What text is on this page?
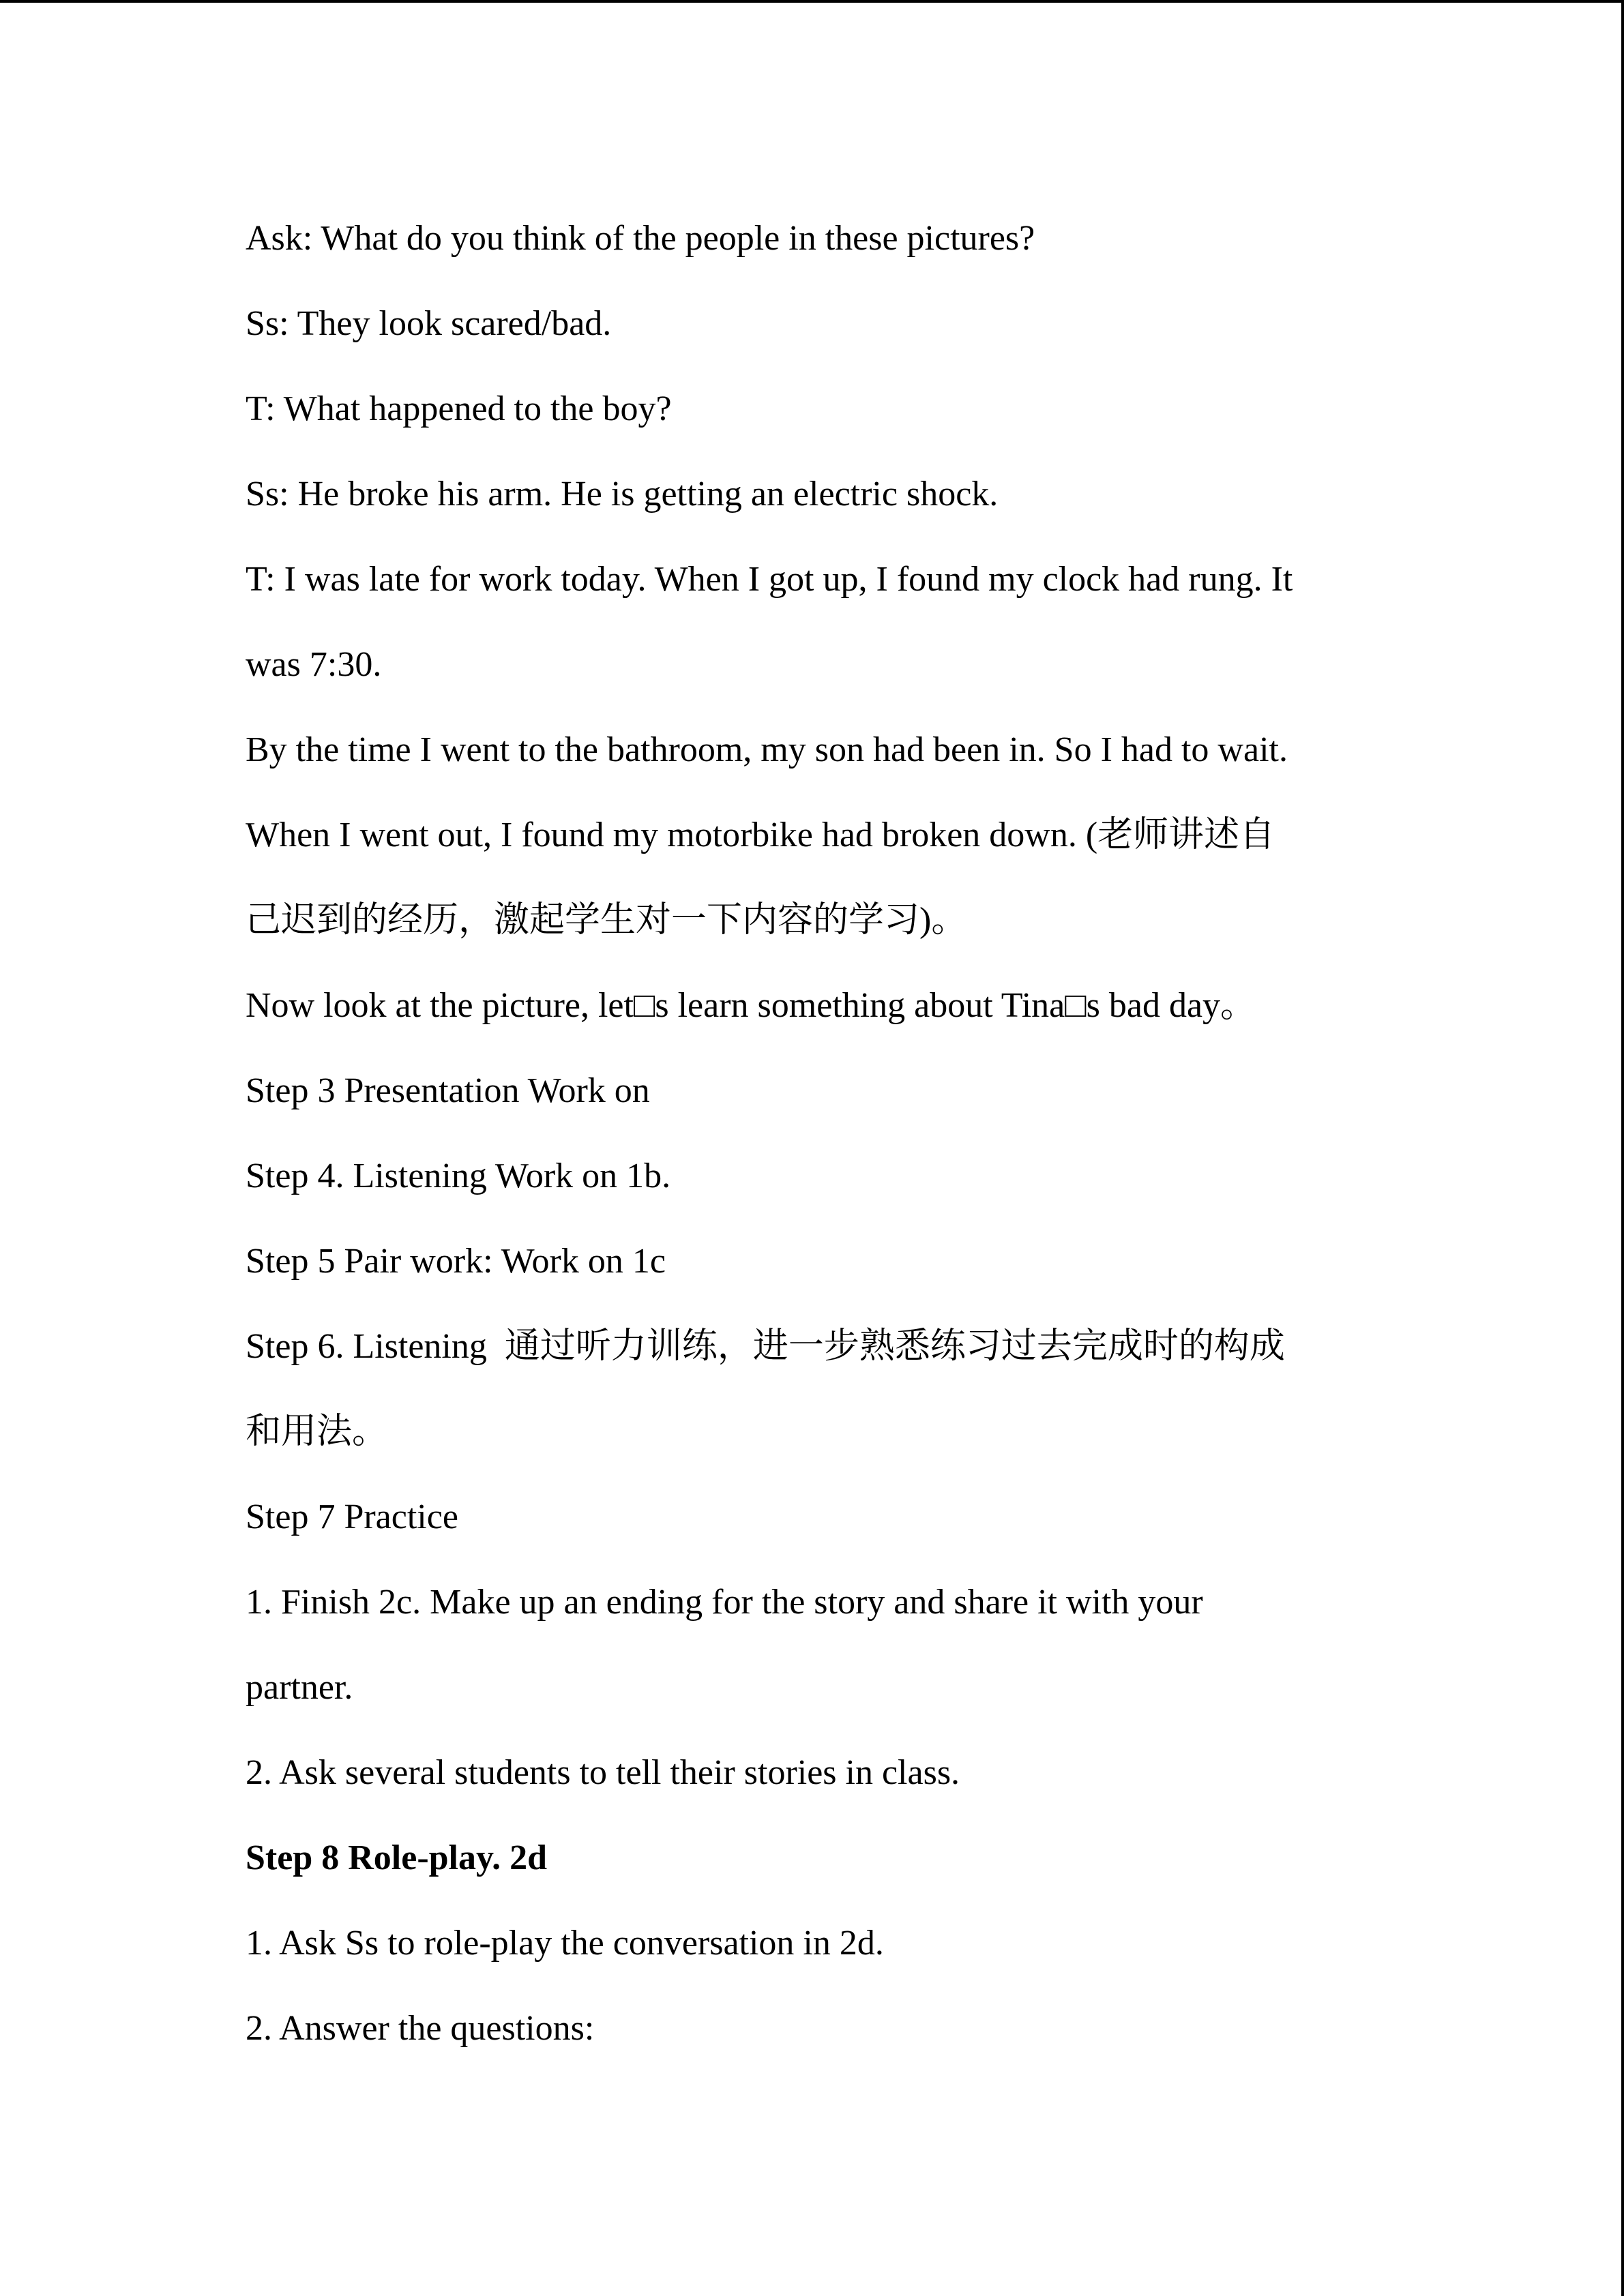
Ask: What do you think of the people in these pictures?
Ss: They look scared/bad.
T: What happened to the boy?
Ss: He broke his arm. He is getting an electric shock.
T: I was late for work today. When I got up, I found my clock had rung. It
was 7:30.
By the time I went to the bathroom, my son had been in. So I had to wait.
When I went out, I found my motorbike had broken down. (老师讲述自
己迟到的经历，激起学生对一下内容的学习)。
Now look at the picture, let□s learn something about Tina□s bad day。
Step 3 Presentation Work on
Step 4. Listening Work on 1b.
Step 5 Pair work: Work on 1c
Step 6. Listening 通过听力训练，进一步熟悉练习过去完成时的构成
和用法。
Step 7 Practice
1. Finish 2c. Make up an ending for the story and share it with your
partner.
2. Ask several students to tell their stories in class.
Step 8 Role-play. 2d
1. Ask Ss to role-play the conversation in 2d.
2. Answer the questions:
